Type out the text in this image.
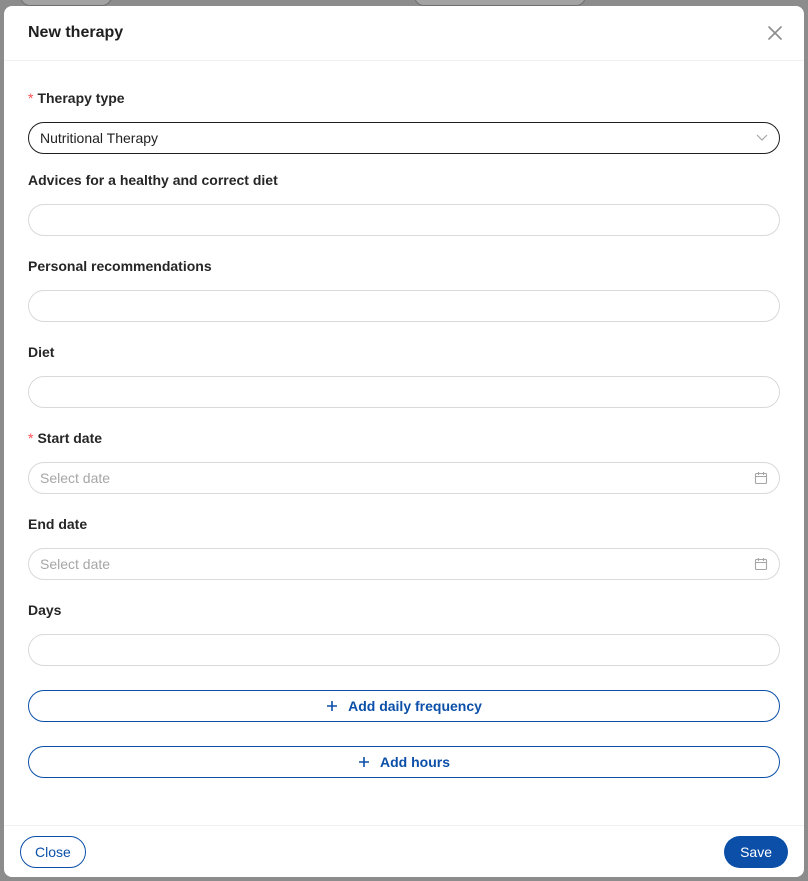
New therapy
* Therapy type
Nutritional Therapy
Advices for a healthy and correct diet
Personal recommendations
Diet
* Start date
Select date
End date
Select date
Days
Add daily frequency
Add hours
Close	Save
